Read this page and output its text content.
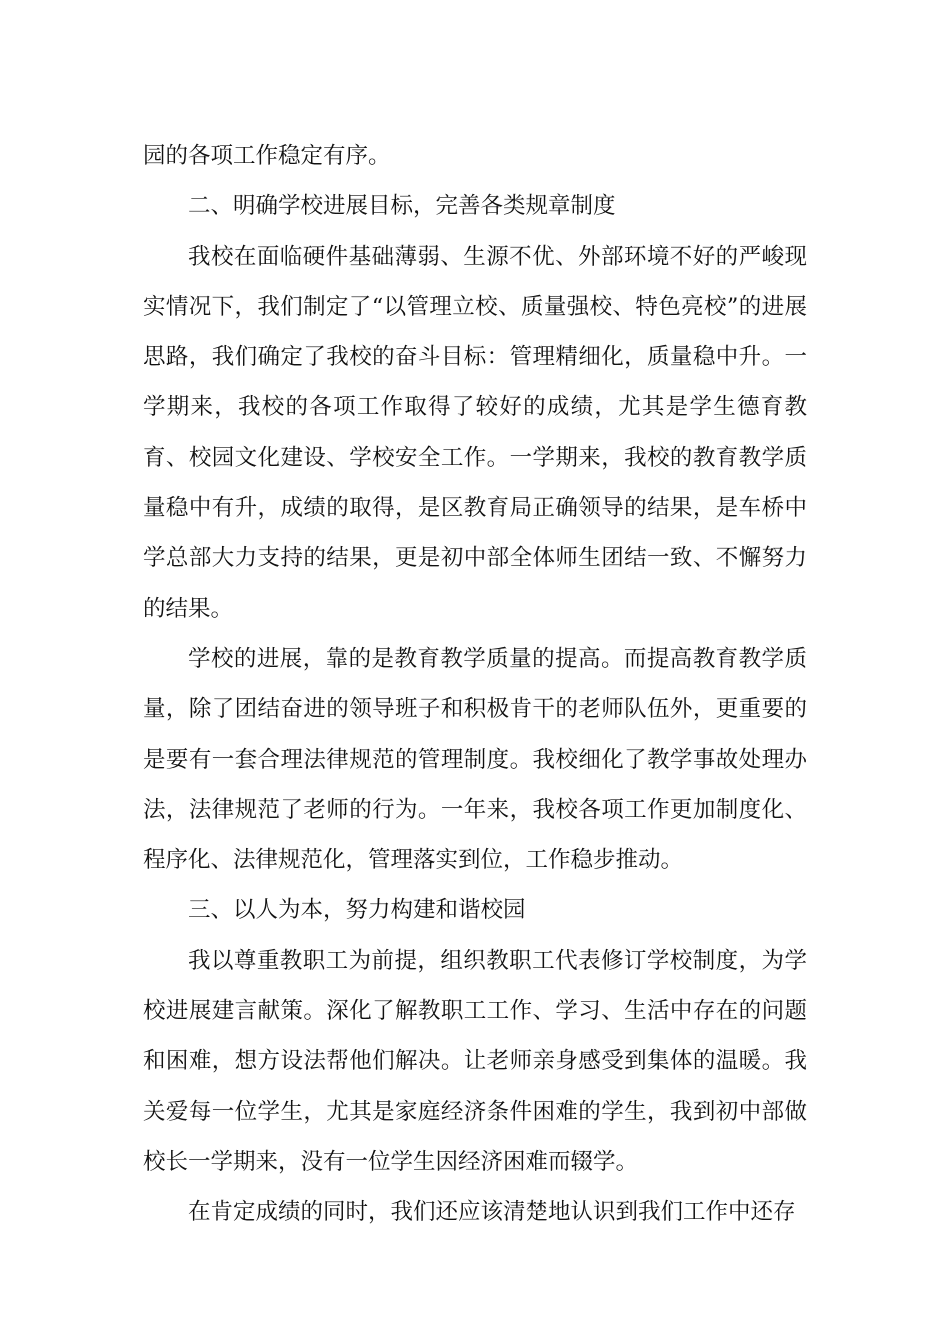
园的各项工作稳定有序。

二、明确学校进展目标，完善各类规章制度

我校在面临硬件基础薄弱、生源不优、外部环境不好的严峻现实情况下，我们制定了“以管理立校、质量强校、特色亮校”的进展思路，我们确定了我校的奋斗目标：管理精细化，质量稳中升。一学期来，我校的各项工作取得了较好的成绩，尤其是学生德育教育、校园文化建设、学校安全工作。一学期来，我校的教育教学质量稳中有升，成绩的取得，是区教育局正确领导的结果，是车桥中学总部大力支持的结果，更是初中部全体师生团结一致、不懈努力的结果。

学校的进展，靠的是教育教学质量的提高。而提高教育教学质量，除了团结奋进的领导班子和积极肯干的老师队伍外，更重要的是要有一套合理法律规范的管理制度。我校细化了教学事故处理办法，法律规范了老师的行为。一年来，我校各项工作更加制度化、程序化、法律规范化，管理落实到位，工作稳步推动。

三、以人为本，努力构建和谐校园

我以尊重教职工为前提，组织教职工代表修订学校制度，为学校进展建言献策。深化了解教职工工作、学习、生活中存在的问题和困难，想方设法帮他们解决。让老师亲身感受到集体的温暖。我关爱每一位学生，尤其是家庭经济条件困难的学生，我到初中部做校长一学期来，没有一位学生因经济困难而辍学。

在肯定成绩的同时，我们还应该清楚地认识到我们工作中还存
